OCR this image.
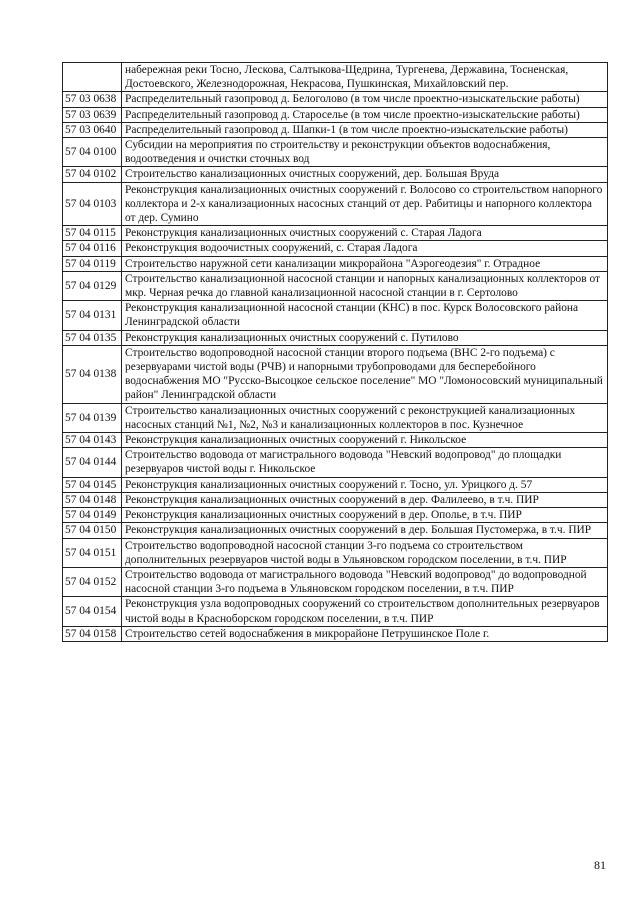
	набережная реки Тосно, Лескова, Салтыкова-Щедрина, Тургенева, Державина, Тосненская, Достоевского, Железнодорожная, Некрасова, Пушкинская, Михайловский пер.
57 03 0638	Распределительный газопровод д. Белоголово (в том числе проектно-изыскательские работы)
57 03 0639	Распределительный газопровод д. Староселье (в том числе проектно-изыскательские работы)
57 03 0640	Распределительный газопровод д. Шапки-1 (в том числе проектно-изыскательские работы)
57 04 0100	Субсидии на мероприятия по строительству и реконструкции объектов водоснабжения, водоотведения и очистки сточных вод
57 04 0102	Строительство канализационных очистных сооружений, дер. Большая Вруда
57 04 0103	Реконструкция канализационных очистных сооружений г. Волосово со строительством напорного коллектора и 2-х канализационных насосных станций от дер. Рабитицы и напорного коллектора от дер. Сумино
57 04 0115	Реконструкция канализационных очистных сооружений с. Старая Ладога
57 04 0116	Реконструкция водоочистных сооружений, с. Старая Ладога
57 04 0119	Строительство наружной сети канализации микрорайона "Аэрогеодезия" г. Отрадное
57 04 0129	Строительство канализационной насосной станции и напорных канализационных коллекторов от мкр. Черная речка до главной канализационной насосной станции в г. Сертолово
57 04 0131	Реконструкция канализационной насосной станции (КНС) в пос. Курск Волосовского района Ленинградской области
57 04 0135	Реконструкция канализационных очистных сооружений с. Путилово
57 04 0138	Строительство водопроводной насосной станции второго подъема (ВНС 2-го подъема) с резервуарами чистой воды (РЧВ) и напорными трубопроводами для бесперебойного водоснабжения МО "Русско-Высоцкое сельское поселение" МО "Ломоносовский муниципальный район" Ленинградской области
57 04 0139	Строительство канализационных очистных сооружений с реконструкцией канализационных насосных станций №1, №2, №3 и канализационных коллекторов в пос. Кузнечное
57 04 0143	Реконструкция канализационных очистных сооружений г. Никольское
57 04 0144	Строительство водовода от магистрального водовода "Невский водопровод" до площадки резервуаров чистой воды г. Никольское
57 04 0145	Реконструкция канализационных очистных сооружений г. Тосно, ул. Урицкого д. 57
57 04 0148	Реконструкция канализационных очистных сооружений в дер. Фалилеево, в т.ч. ПИР
57 04 0149	Реконструкция канализационных очистных сооружений в дер. Ополье, в т.ч. ПИР
57 04 0150	Реконструкция канализационных очистных сооружений в дер. Большая Пустомержа, в т.ч. ПИР
57 04 0151	Строительство водопроводной насосной станции 3-го подъема со строительством дополнительных резервуаров чистой воды в Ульяновском городском поселении, в т.ч. ПИР
57 04 0152	Строительство водовода от магистрального водовода "Невский водопровод" до водопроводной насосной станции 3-го подъема в Ульяновском городском поселении, в т.ч. ПИР
57 04 0154	Реконструкция узла водопроводных сооружений со строительством дополнительных резервуаров чистой воды в Красноборском городском поселении, в т.ч. ПИР
57 04 0158	Строительство сетей водоснабжения в микрорайоне Петрушинское Поле г.
81
